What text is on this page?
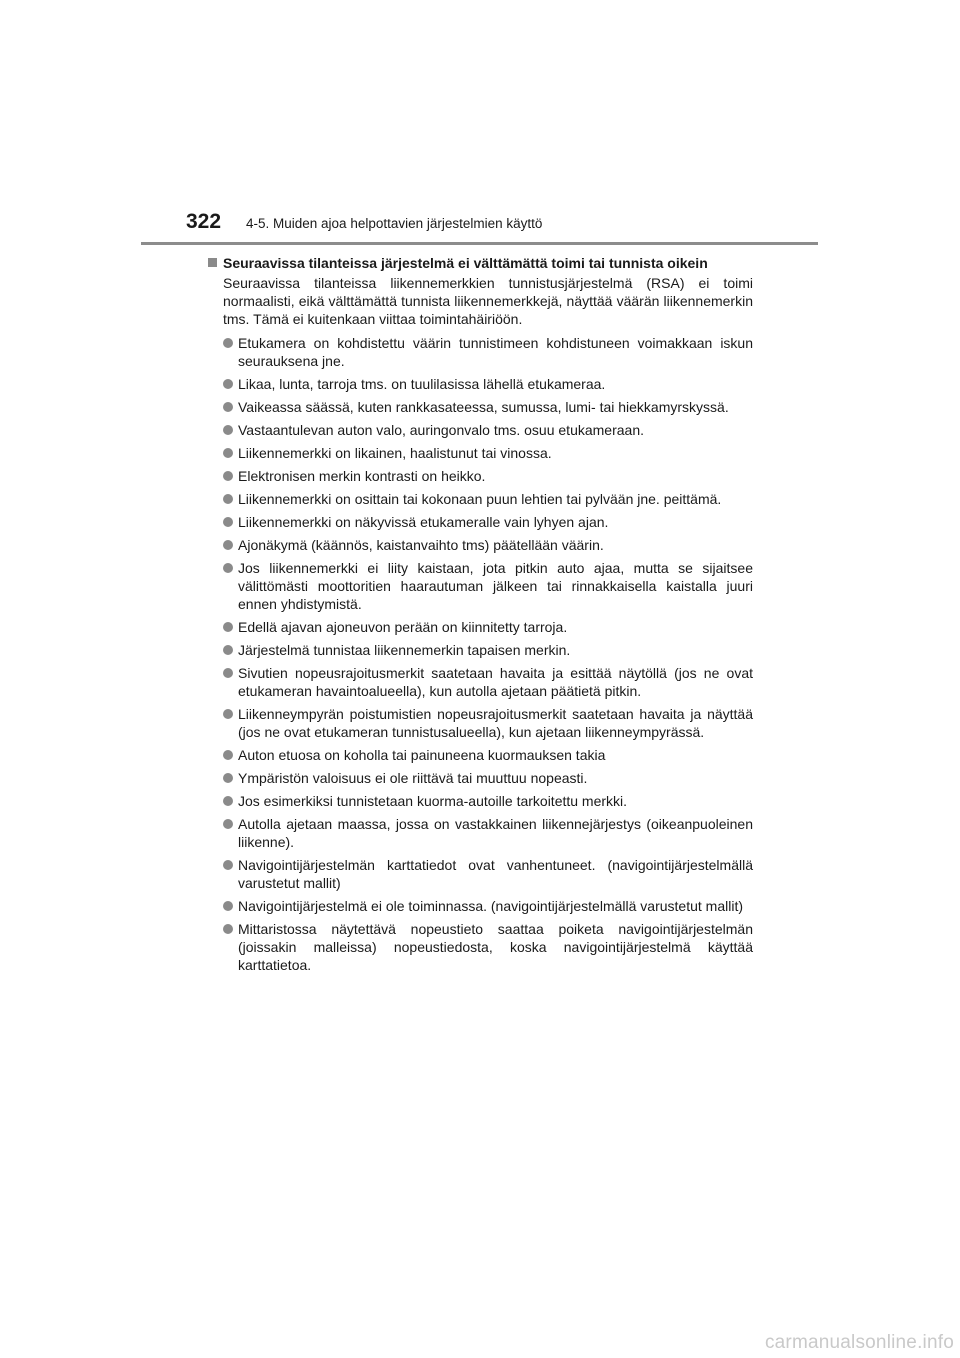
322 4-5. Muiden ajoa helpottavien järjestelmien käyttö
Seuraavissa tilanteissa järjestelmä ei välttämättä toimi tai tunnista oikein

Seuraavissa tilanteissa liikennemerkkien tunnistusjärjestelmä (RSA) ei toimi normaalisti, eikä välttämättä tunnista liikennemerkkejä, näyttää väärän liikennemerkin tms. Tämä ei kuitenkaan viittaa toimintahäiriöön.

Etukamera on kohdistettu väärin tunnistimeen kohdistuneen voimakkaan iskun seurauksena jne.
Likaa, lunta, tarroja tms. on tuulilasissa lähellä etukameraa.
Vaikeassa säässä, kuten rankkasateessa, sumussa, lumi- tai hiekkamyrskyssä.
Vastaantulevan auton valo, auringonvalo tms. osuu etukameraan.
Liikennemerkki on likainen, haalistunut tai vinossa.
Elektronisen merkin kontrasti on heikko.
Liikennemerkki on osittain tai kokonaan puun lehtien tai pylvään jne. peittämä.
Liikennemerkki on näkyvissä etukameralle vain lyhyen ajan.
Ajonäkymä (käännös, kaistanvaihto tms) päätellään väärin.
Jos liikennemerkki ei liity kaistaan, jota pitkin auto ajaa, mutta se sijaitsee välittömästi moottoritien haarautuman jälkeen tai rinnakkaisella kaistalla juuri ennen yhdistymistä.
Edellä ajavan ajoneuvon perään on kiinnitetty tarroja.
Järjestelmä tunnistaa liikennemerkin tapaisen merkin.
Sivutien nopeusrajoitusmerkit saatetaan havaita ja esittää näytöllä (jos ne ovat etukameran havaintoalueella), kun autolla ajetaan päätietä pitkin.
Liikenneympyrän poistumistien nopeusrajoitusmerkit saatetaan havaita ja näyttää (jos ne ovat etukameran tunnistusalueella), kun ajetaan liikenneympyrässä.
Auton etuosa on koholla tai painuneena kuormauksen takia
Ympäristön valoisuus ei ole riittävä tai muuttuu nopeasti.
Jos esimerkiksi tunnistetaan kuorma-autoille tarkoitettu merkki.
Autolla ajetaan maassa, jossa on vastakkainen liikennejärjestys (oikeanpuoleinen liikenne).
Navigointijärjestelmän karttatiedot ovat vanhentuneet. (navigointijärjestelmällä varustetut mallit)
Navigointijärjestelmä ei ole toiminnassa. (navigointijärjestelmällä varustetut mallit)
Mittaristossa näytettävä nopeustieto saattaa poiketa navigointijärjestelmän (joissakin malleissa) nopeustiedosta, koska navigointijärjestelmä käyttää karttatietoa.
carmanualsonline.info
